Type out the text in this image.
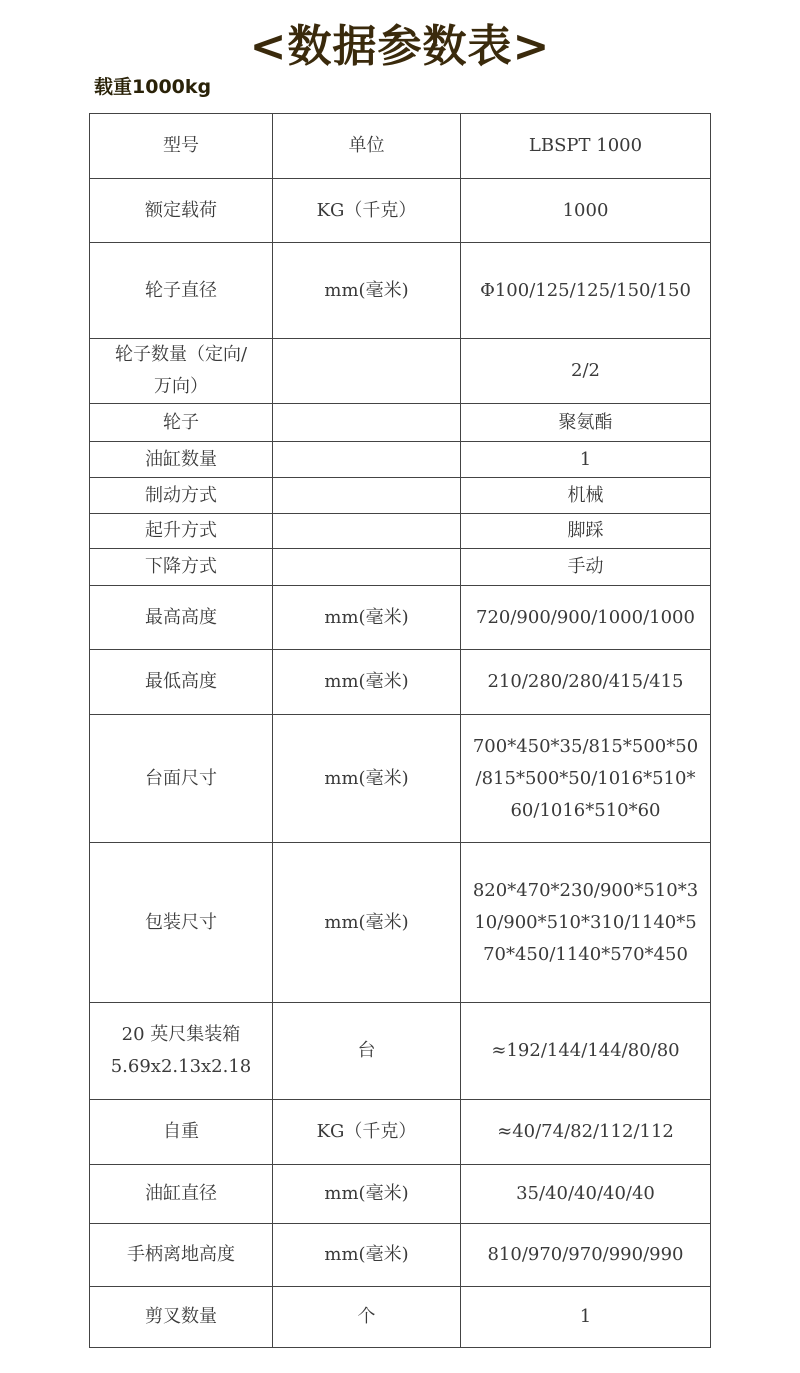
<数据参数表>
载重1000kg
型号	单位	LBSPT 1000
额定载荷	KG（千克）	1000
轮子直径	mm(毫米)	Φ100/125/125/150/150
轮子数量（定向/
万向）		2/2
轮子		聚氨酯
油缸数量		1
制动方式		机械
起升方式		脚踩
下降方式		手动
最高高度	mm(毫米)	720/900/900/1000/1000
最低高度	mm(毫米)	210/280/280/415/415
台面尺寸	mm(毫米)	700*450*35/815*500*50
/815*500*50/1016*510*
60/1016*510*60
包装尺寸	mm(毫米)	820*470*230/900*510*3
10/900*510*310/1140*5
70*450/1140*570*450
20 英尺集装箱
5.69x2.13x2.18	台	≈192/144/144/80/80
自重	KG（千克）	≈40/74/82/112/112
油缸直径	mm(毫米)	35/40/40/40/40
手柄离地高度	mm(毫米)	810/970/970/990/990
剪叉数量	个	1
